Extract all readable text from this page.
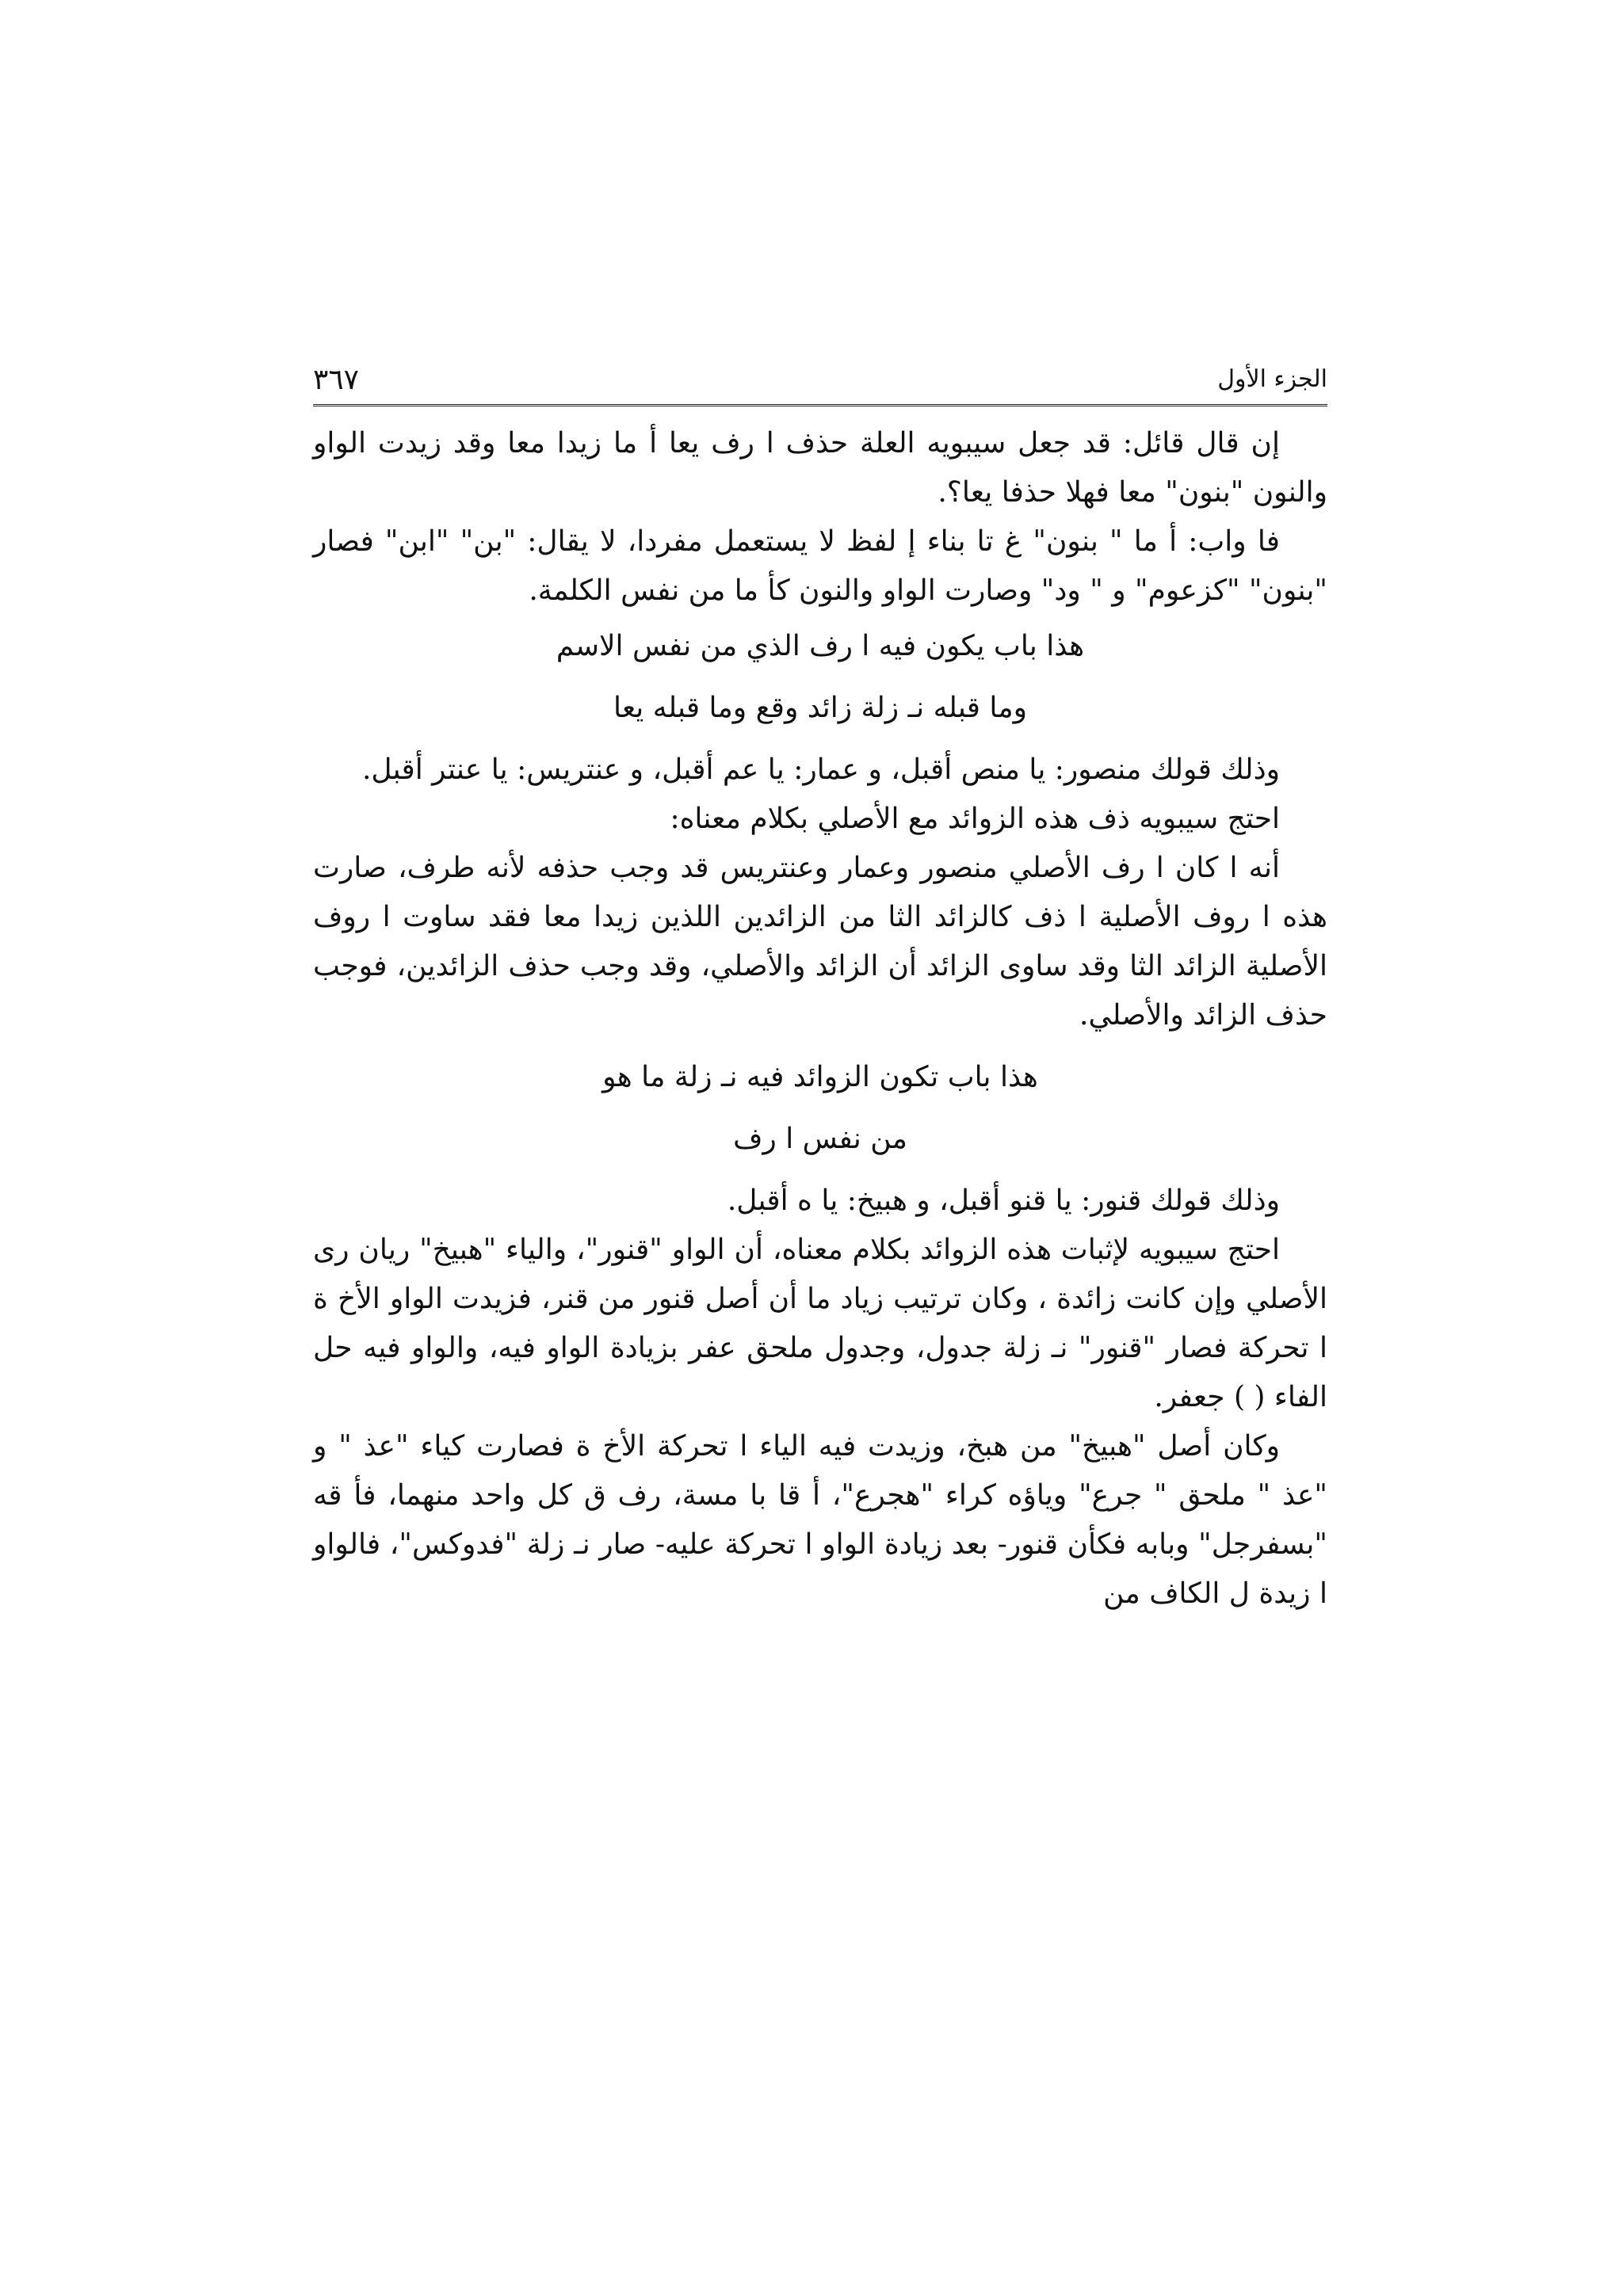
الجزء الأول
٣٦٧

إن قال قائل: قد جعل سيبويه العلة حذف ا رف يعا أ ما زيدا معا وقد زيدت الواو والنون "بنون" معا فهلا حذفا يعا؟.

فا واب: أ ما " بنون" غ تا بناء إ لفظ لا يستعمل مفردا، لا يقال: "بن" "ابن" فصار "بنون" "كزعوم" و " ود" وصارت الواو والنون كأ ما من نفس الكلمة.

هذا باب يكون فيه ا رف الذي من نفس الاسم

وما قبله نـ زلة زائد وقع وما قبله يعا

وذلك قولك منصور: يا منص أقبل، و عمار: يا عم أقبل، و عنتريس: يا عنتر أقبل.

احتج سيبويه ذف هذه الزوائد مع الأصلي بكلام معناه:

أنه ا كان ا رف الأصلي منصور وعمار وعنتريس قد وجب حذفه لأنه طرف، صارت هذه ا روف الأصلية ا ذف كالزائد الثا من الزائدين اللذين زيدا معا فقد ساوت ا روف الأصلية الزائد الثا وقد ساوى الزائد أن الزائد والأصلي، وقد وجب حذف الزائدين، فوجب حذف الزائد والأصلي.

هذا باب تكون الزوائد فيه نـ زلة ما هو

من نفس ا رف

وذلك قولك قنور: يا قنو أقبل، و هبيخ: يا ه أقبل.

احتج سيبويه لإثبات هذه الزوائد بكلام معناه، أن الواو "قنور"، والياء "هبيخ" ريان رى الأصلي وإن كانت زائدة ، وكان ترتيب زياد ما أن أصل قنور من قنر، فزيدت الواو الأخ ة ا تحركة فصار "قنور" نـ زلة جدول، وجدول ملحق عفر بزيادة الواو فيه، والواو فيه حل الفاء ( ) جعفر.

وكان أصل "هبيخ" من هبخ، وزيدت فيه الياء ا تحركة الأخ ة فصارت كياء "عذ " و "عذ " ملحق " جرع" وياؤه كراء "هجرع"، أ قا با مسة، رف ق كل واحد منهما، فأ قه "بسفرجل" وبابه فكأن قنور- بعد زيادة الواو ا تحركة عليه- صار نـ زلة "فدوكس"، فالواو ا زيدة ل الكاف من
